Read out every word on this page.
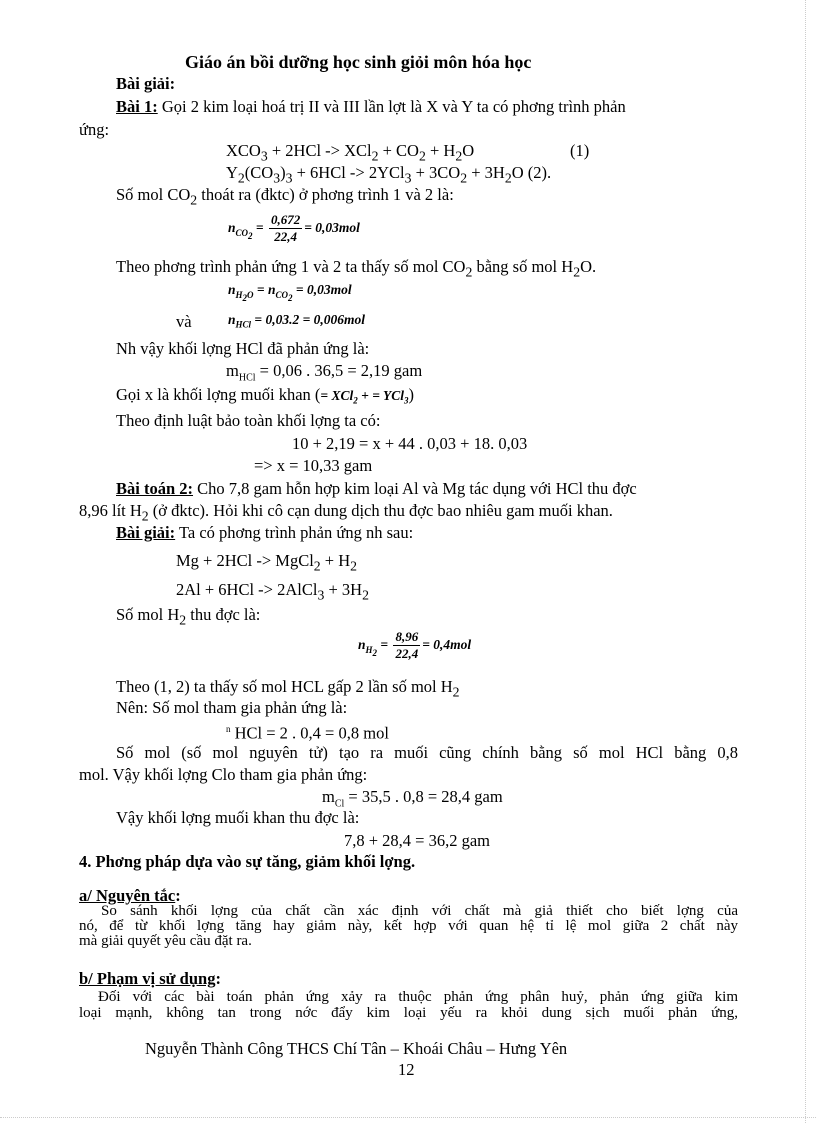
Giáo án bồi dưỡng học sinh giỏi môn hóa học
Bài giải:
Bài 1: Gọi 2 kim loại hoá trị II và III lần lợt là X và Y ta có phơng trình phản
ứng:
$XCO_3 + 2HCl -> XCl_2 + CO_2 + H_2O$	(1)
$Y_2(CO_3)_3 + 6HCl -> 2YCl_3 + 3CO_2 + 3H_2O$ (2).
Số mol $CO_2$ thoát ra (đktc) ở phơng trình 1 và 2 là:
$n_{CO_2} = \frac{0,672}{22,4} = 0,03mol$
Theo phơng trình phản ứng 1 và 2 ta thấy số mol $CO_2$ bằng số mol $H_2O$.
$n_{H_2O} = n_{CO_2} = 0,03mol$
và	$n_{HCl} = 0,03.2 = 0,006mol$
Nh vậy khối lợng HCl đã phản ứng là:
$m_{HCl} = 0,06$ . 36,5 = 2,19 gam
Gọi x là khối lợng muối khan (= XCl$_2$ + = YCl$_3$)
Theo định luật bảo toàn khối lợng ta có:
10 + 2,19 = x + 44 . 0,03 + 18. 0,03
=> x = 10,33 gam
Bài toán 2: Cho 7,8 gam hỗn hợp kim loại Al và Mg tác dụng với HCl thu đợc
8,96 lít $H_2$ (ở đktc). Hỏi khi cô cạn dung dịch thu đợc bao nhiêu gam muối khan.
Bài giải: Ta có phơng trình phản ứng nh sau:
Mg + 2HCl -> MgCl$_2$ + $H_2$
2Al + 6HCl -> 2AlCl$_3$ + $3H_2$
Số mol $H_2$ thu đợc là:
$n_{H_2} = \frac{8,96}{22,4} = 0,4mol$
Theo (1, 2) ta thấy số mol HCL gấp 2 lần số mol $H_2$
Nên: Số mol tham gia phản ứng là:
$^n$ HCl = 2 . 0,4 = 0,8 mol
Số mol (số mol nguyên tử) tạo ra muối cũng chính bằng số mol HCl bằng 0,8
mol. Vậy khối lợng Clo tham gia phản ứng:
$m_{Cl} = 35,5$ . 0,8 = 28,4 gam
Vậy khối lợng muối khan thu đợc là:
7,8 + 28,4 = 36,2 gam
4. Phơng pháp dựa vào sự tăng, giảm khối lợng.
a/ Nguyên tắc:
So sánh khối lợng của chất cần xác định với chất mà giả thiết cho biết lợng của
nó, để từ khối lợng tăng hay giảm này, kết hợp với quan hệ tỉ lệ mol giữa 2 chất này
mà giải quyết yêu cầu đặt ra.
b/ Phạm vị sử dụng:
Đối với các bài toán phản ứng xảy ra thuộc phản ứng phân huỷ, phản ứng giữa kim
loại mạnh, không tan trong nớc đẩy kim loại yếu ra khỏi dung sịch muối phản ứng,
Nguyễn Thành Công THCS Chí Tân – Khoái Châu – Hưng Yên
12
